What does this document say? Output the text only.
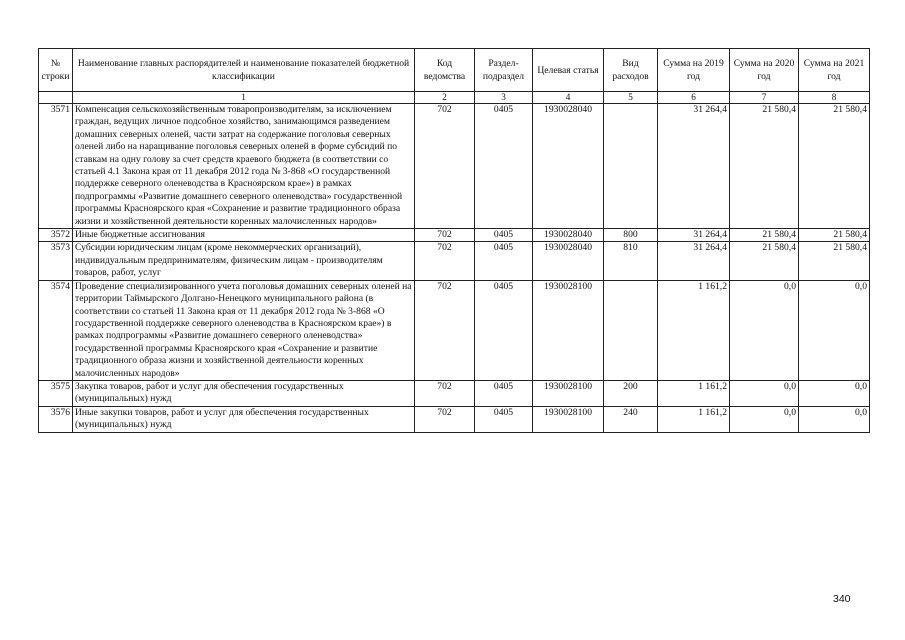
№ строки	Наименование главных распорядителей и наименование показателей бюджетной классификации	Код ведомства	Раздел-подраздел	Целевая статья	Вид расходов	Сумма на 2019 год	Сумма на 2020 год	Сумма на 2021 год
	1	2	3	4	5	6	7	8
3571	Компенсация сельскохозяйственным товаропроизводителям, за исключением граждан, ведущих личное подсобное хозяйство, занимающимся разведением домашних северных оленей, части затрат на содержание поголовья северных оленей либо на наращивание поголовья северных оленей в форме субсидий по ставкам на одну голову за счет средств краевого бюджета (в соответствии со статьей 4.1 Закона края от 11 декабря 2012 года № 3-868 «О государственной поддержке северного оленеводства в Красноярском крае») в рамках подпрограммы «Развитие домашнего северного оленеводства» государственной программы Красноярского края «Сохранение и развитие традиционного образа жизни и хозяйственной деятельности коренных малочисленных народов»	702	0405	1930028040		31 264,4	21 580,4	21 580,4
3572	Иные бюджетные ассигнования	702	0405	1930028040	800	31 264,4	21 580,4	21 580,4
3573	Субсидии юридическим лицам (кроме некоммерческих организаций), индивидуальным предпринимателям, физическим лицам - производителям товаров, работ, услуг	702	0405	1930028040	810	31 264,4	21 580,4	21 580,4
3574	Проведение специализированного учета поголовья домашних северных оленей на территории Таймырского Долгано-Ненецкого муниципального района (в соответствии со статьей 11 Закона края от 11 декабря 2012 года № 3-868 «О государственной поддержке северного оленеводства в Красноярском крае») в рамках подпрограммы «Развитие домашнего северного оленеводства» государственной программы Красноярского края «Сохранение и развитие традиционного образа жизни и хозяйственной деятельности коренных малочисленных народов»	702	0405	1930028100		1 161,2	0,0	0,0
3575	Закупка товаров, работ и услуг для обеспечения государственных (муниципальных) нужд	702	0405	1930028100	200	1 161,2	0,0	0,0
3576	Иные закупки товаров, работ и услуг для обеспечения государственных (муниципальных) нужд	702	0405	1930028100	240	1 161,2	0,0	0,0
340
